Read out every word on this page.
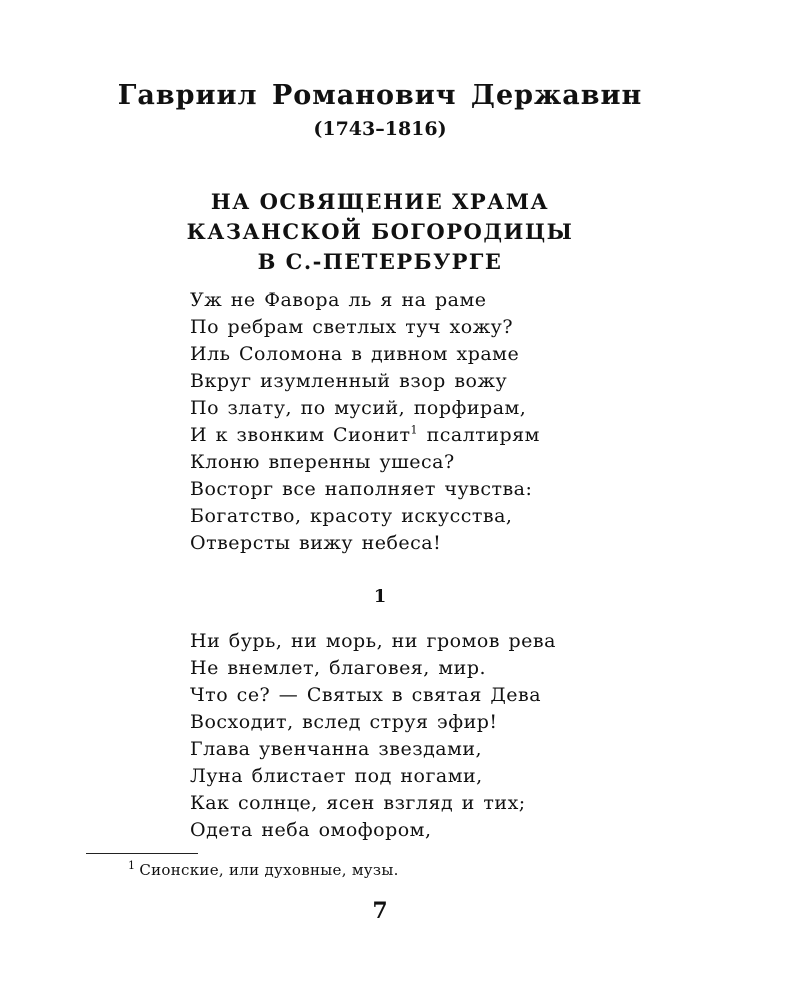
Гавриил Романович Державин
(1743–1816)
НА ОСВЯЩЕНИЕ ХРАМА
КАЗАНСКОЙ БОГОРОДИЦЫ
В С.-ПЕТЕРБУРГЕ
Уж не Фавора ль я на раме
По ребрам светлых туч хожу?
Иль Соломона в дивном храме
Вкруг изумленный взор вожу
По злату, по мусий, порфирам,
И к звонким Сионит$^1$ псалтирям
Клоню вперенны ушеса?
Восторг все наполняет чувства:
Богатство, красоту искусства,
Отверсты вижу небеса!
1
Ни бурь, ни морь, ни громов рева
Не внемлет, благовея, мир.
Что се? — Святых в святая Дева
Восходит, вслед струя эфир!
Глава увенчанна звездами,
Луна блистает под ногами,
Как солнце, ясен взгляд и тих;
Одета неба омофором,
$^1$ Сионские, или духовные, музы.
7
